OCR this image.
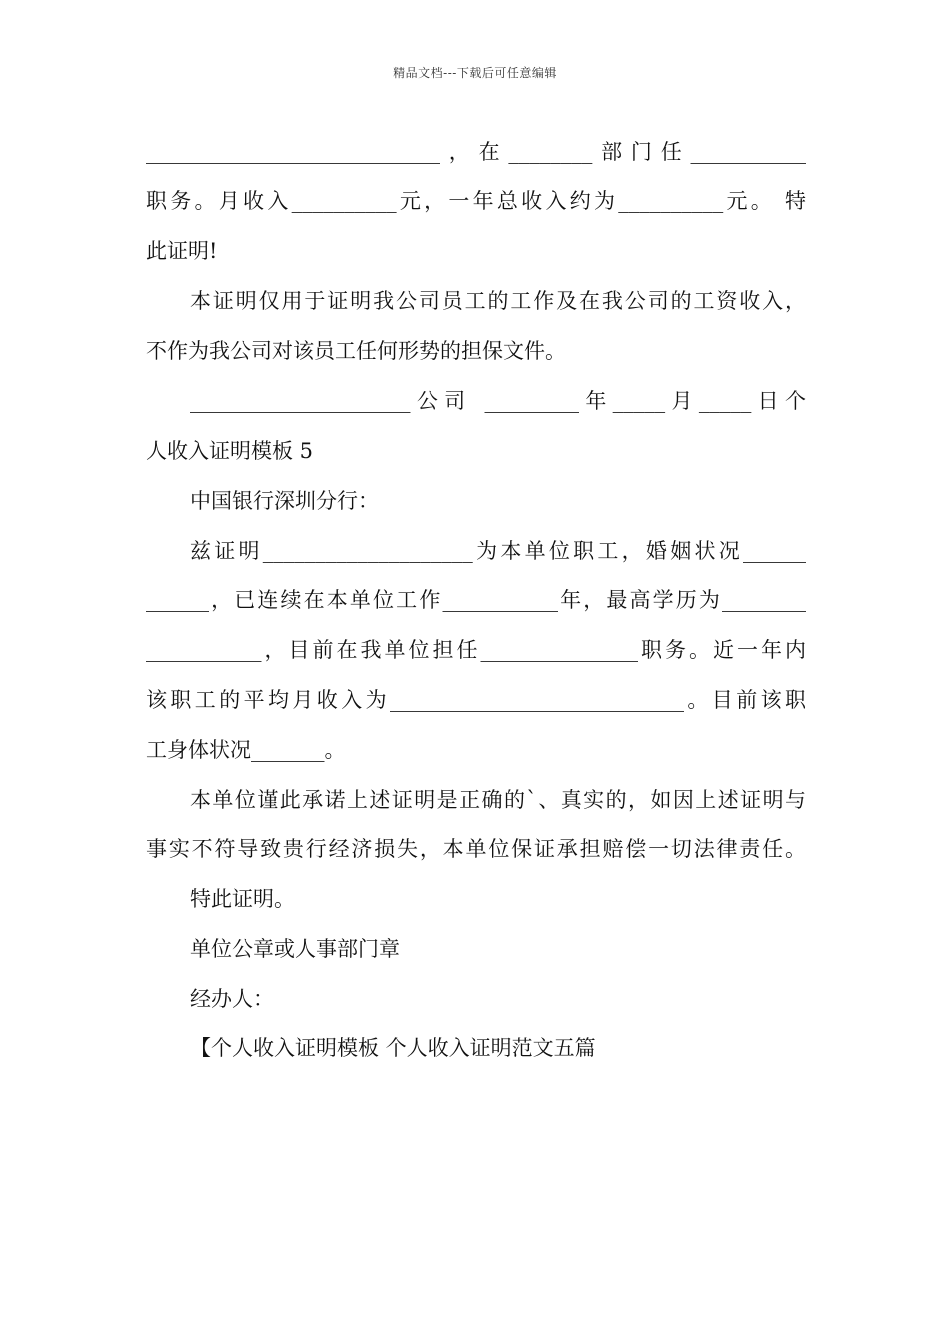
精品文档---下载后可任意编辑
____________________________，在________部门任___________
职务。月收入__________元，一年总收入约为__________元。 特
此证明!
本证明仅用于证明我公司员工的工作及在我公司的工资收入，
不作为我公司对该员工任何形势的担保文件。
_____________________公司 _________年_____月_____日个
人收入证明模板 5
中国银行深圳分行：
兹证明____________________为本单位职工，婚姻状况______
______，已连续在本单位工作___________年，最高学历为________
___________，目前在我单位担任_______________职务。近一年内
该职工的平均月收入为____________________________。目前该职
工身体状况_______。
本单位谨此承诺上述证明是正确的`、真实的，如因上述证明与
事实不符导致贵行经济损失，本单位保证承担赔偿一切法律责任。
特此证明。
单位公章或人事部门章
经办人：
【个人收入证明模板 个人收入证明范文五篇
